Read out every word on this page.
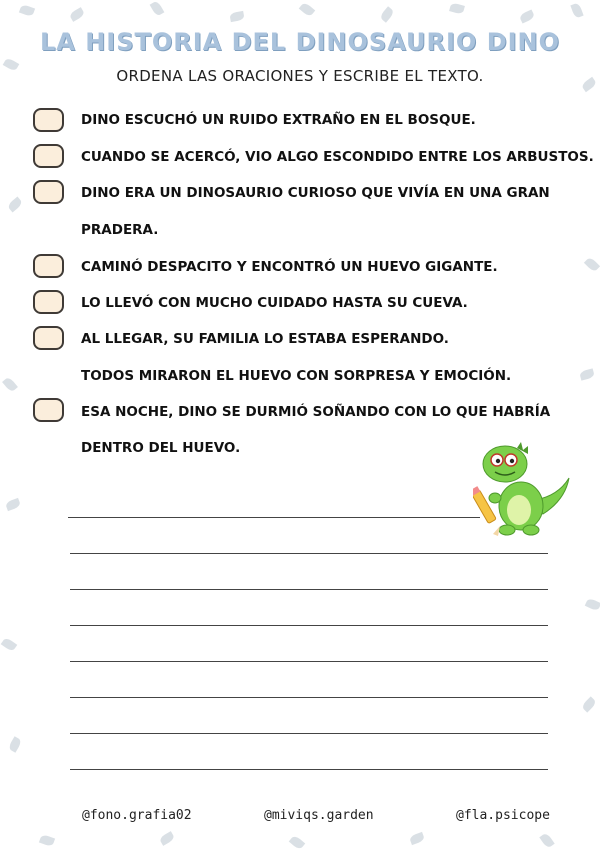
LA HISTORIA DEL DINOSAURIO DINO
ORDENA LAS ORACIONES Y ESCRIBE EL TEXTO.
DINO ESCUCHÓ UN RUIDO EXTRAÑO EN EL BOSQUE.
CUANDO SE ACERCÓ, VIO ALGO ESCONDIDO ENTRE LOS ARBUSTOS.
DINO ERA UN DINOSAURIO CURIOSO QUE VIVÍA EN UNA GRAN
PRADERA.
CAMINÓ DESPACITO Y ENCONTRÓ UN HUEVO GIGANTE.
LO LLEVÓ CON MUCHO CUIDADO HASTA SU CUEVA.
AL LLEGAR, SU FAMILIA LO ESTABA ESPERANDO.
TODOS MIRARON EL HUEVO CON SORPRESA Y EMOCIÓN.
ESA NOCHE, DINO SE DURMIÓ SOÑANDO CON LO QUE HABRÍA
DENTRO DEL HUEVO.
@fono.grafia02	@miviqs.garden	@fla.psicope
